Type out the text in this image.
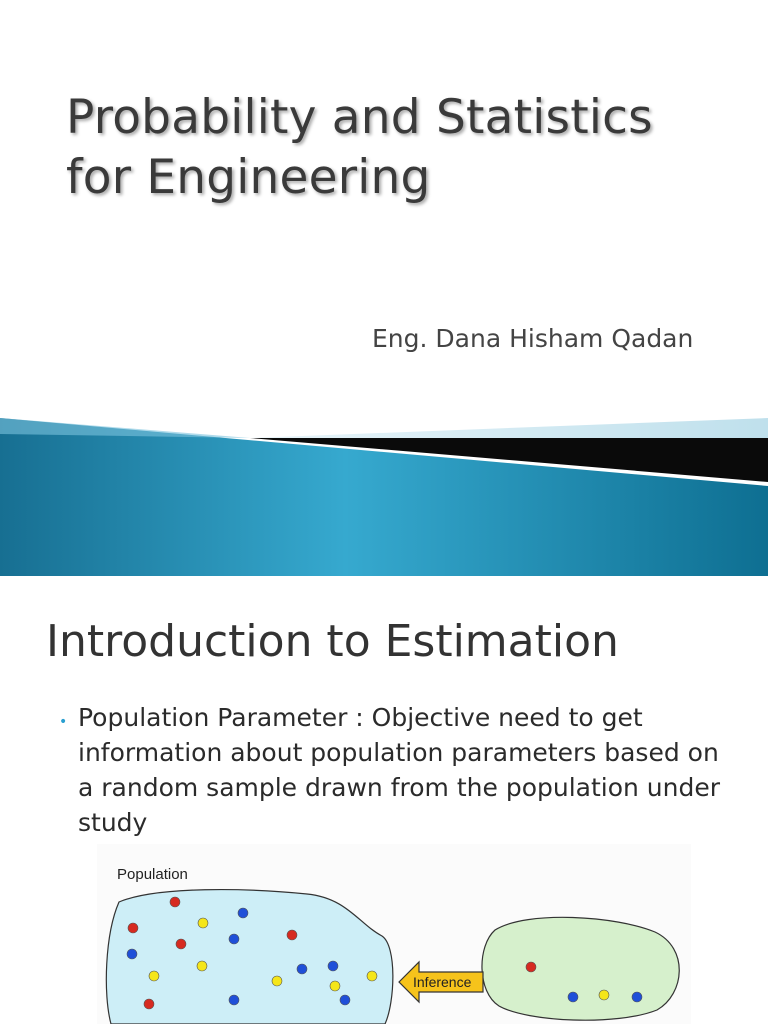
Probability and Statistics
for Engineering
Eng. Dana Hisham Qadan
Introduction to Estimation
• Population Parameter : Objective need to get information about population parameters based on a random sample drawn from the population under study
Population
Inference
